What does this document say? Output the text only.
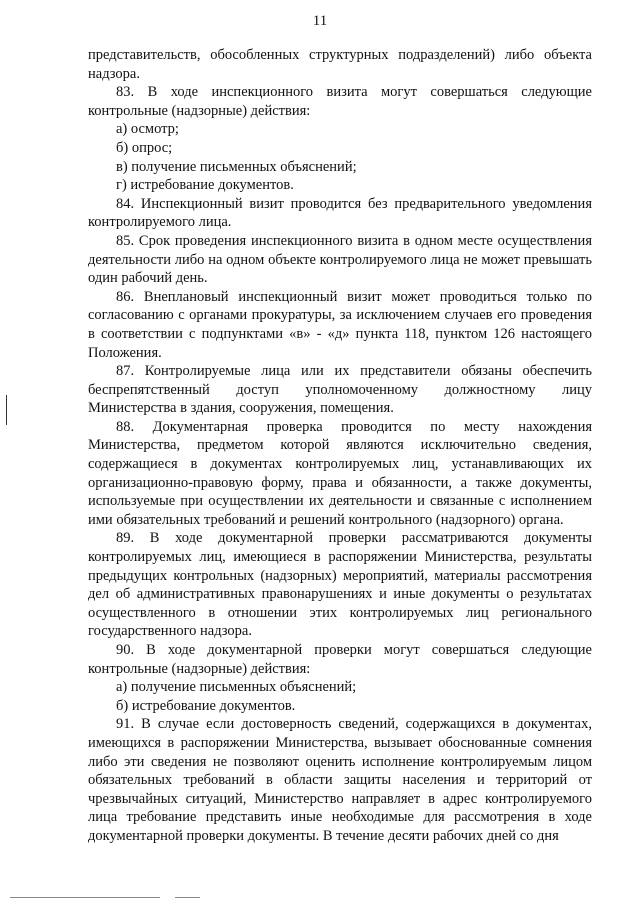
11

представительств, обособленных структурных подразделений) либо объекта надзора.

83. В ходе инспекционного визита могут совершаться следующие контрольные (надзорные) действия:

а) осмотр;

б) опрос;

в) получение письменных объяснений;

г) истребование документов.

84. Инспекционный визит проводится без предварительного уведомления контролируемого лица.

85. Срок проведения инспекционного визита в одном месте осуществления деятельности либо на одном объекте контролируемого лица не может превышать один рабочий день.

86. Внеплановый инспекционный визит может проводиться только по согласованию с органами прокуратуры, за исключением случаев его проведения в соответствии с подпунктами «в» - «д» пункта 118, пунктом 126 настоящего Положения.

87. Контролируемые лица или их представители обязаны обеспечить беспрепятственный доступ уполномоченному должностному лицу Министерства в здания, сооружения, помещения.

88. Документарная проверка проводится по месту нахождения Министерства, предметом которой являются исключительно сведения, содержащиеся в документах контролируемых лиц, устанавливающих их организационно-правовую форму, права и обязанности, а также документы, используемые при осуществлении их деятельности и связанные с исполнением ими обязательных требований и решений контрольного (надзорного) органа.

89. В ходе документарной проверки рассматриваются документы контролируемых лиц, имеющиеся в распоряжении Министерства, результаты предыдущих контрольных (надзорных) мероприятий, материалы рассмотрения дел об административных правонарушениях и иные документы о результатах осуществленного в отношении этих контролируемых лиц регионального государственного надзора.

90. В ходе документарной проверки могут совершаться следующие контрольные (надзорные) действия:

а) получение письменных объяснений;

б) истребование документов.

91. В случае если достоверность сведений, содержащихся в документах, имеющихся в распоряжении Министерства, вызывает обоснованные сомнения либо эти сведения не позволяют оценить исполнение контролируемым лицом обязательных требований в области защиты населения и территорий от чрезвычайных ситуаций, Министерство направляет в адрес контролируемого лица требование представить иные необходимые для рассмотрения в ходе документарной проверки документы. В течение десяти рабочих дней со дня
